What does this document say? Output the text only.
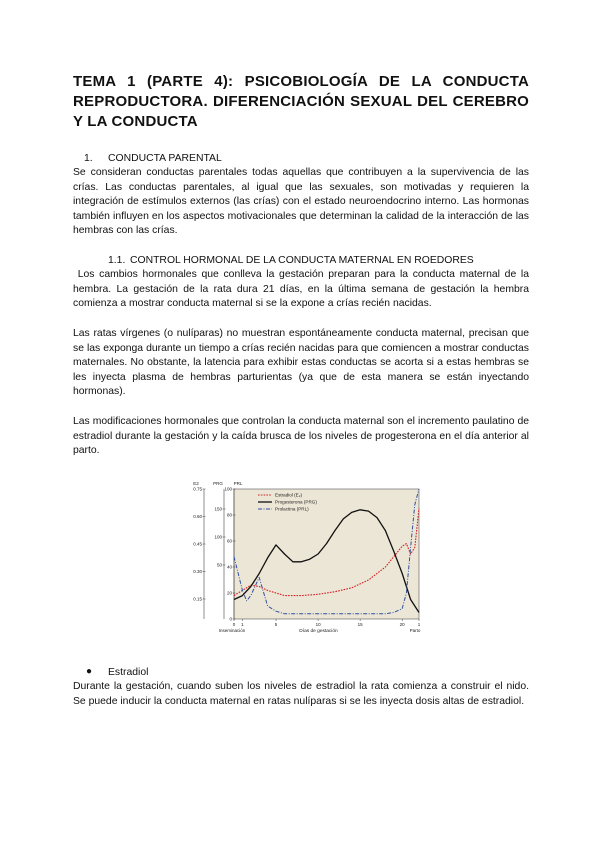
TEMA 1 (PARTE 4): PSICOBIOLOGÍA DE LA CONDUCTA REPRODUCTORA. DIFERENCIACIÓN SEXUAL DEL CEREBRO Y LA CONDUCTA
1. CONDUCTA PARENTAL
Se consideran conductas parentales todas aquellas que contribuyen a la supervivencia de las crías. Las conductas parentales, al igual que las sexuales, son motivadas y requieren la integración de estímulos externos (las crías) con el estado neuroendocrino interno. Las hormonas también influyen en los aspectos motivacionales que determinan la calidad de la interacción de las hembras con las crías.
1.1. CONTROL HORMONAL DE LA CONDUCTA MATERNAL EN ROEDORES
Los cambios hormonales que conlleva la gestación preparan para la conducta maternal de la hembra. La gestación de la rata dura 21 días, en la última semana de gestación la hembra comienza a mostrar conducta maternal si se la expone a crías recién nacidas.
Las ratas vírgenes (o nulíparas) no muestran espontáneamente conducta maternal, precisan que se las exponga durante un tiempo a crías recién nacidas para que comiencen a mostrar conductas maternales. No obstante, la latencia para exhibir estas conductas se acorta si a estas hembras se les inyecta plasma de hembras parturientas (ya que de esta manera se están inyectando hormonas).
Las modificaciones hormonales que controlan la conducta maternal son el incremento paulatino de estradiol durante la gestación y la caída brusca de los niveles de progesterona en el día anterior al parto.
E2
0.75
0.60
0.45
0.30
0.15
PRG
150
100
50
PRL
100
80
60
40
20
0
0 1	5	10	15	20	1
Inseminación	Días de gestación	Parto
Estradiol (E₂)
Progesterona (PRG)
Prolactina (PRL)
● Estradiol
Durante la gestación, cuando suben los niveles de estradiol la rata comienza a construir el nido. Se puede inducir la conducta maternal en ratas nulíparas si se les inyecta dosis altas de estradiol.
